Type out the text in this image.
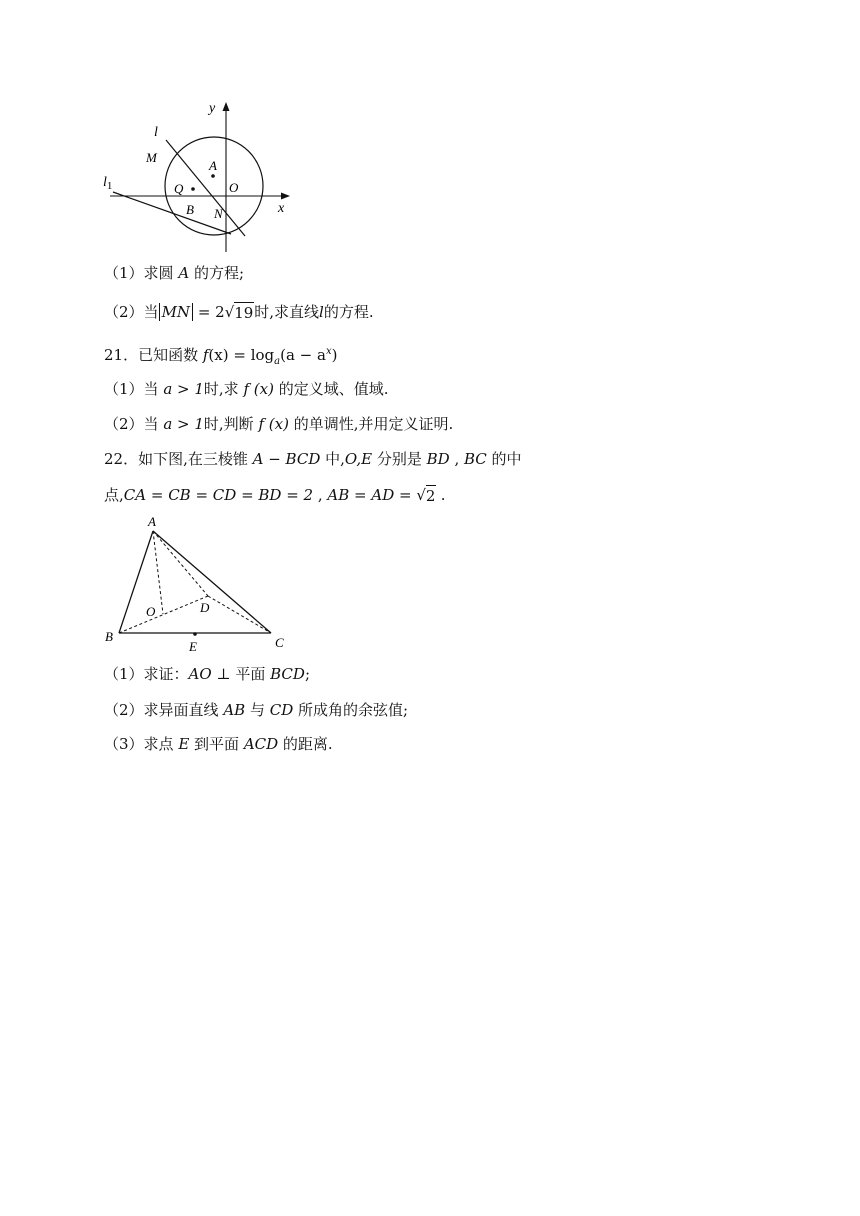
y
l
M
A
$l_1$	Q	O
B N	x
（1）求圆 A 的方程;
（2）当 MN = 2√
19时,求直线l的方程.
21．已知函数 $f(x) = \log_a(a - a^x)$
（1）当 a > 1时,求 f (x) 的定义域、值域.
（2）当 a > 1时,判断 f (x) 的单调性,并用定义证明.
22．如下图,在三棱锥 A − BCD 中,O,E 分别是 BD , BC 的中
点,CA = CB = CD = BD = 2 , AB = AD = √
2 .
A
O	D
B
E	C
（1）求证：AO ⊥ 平面 BCD;
（2）求异面直线 AB 与 CD 所成角的余弦值;
（3）求点 E 到平面 ACD 的距离.
